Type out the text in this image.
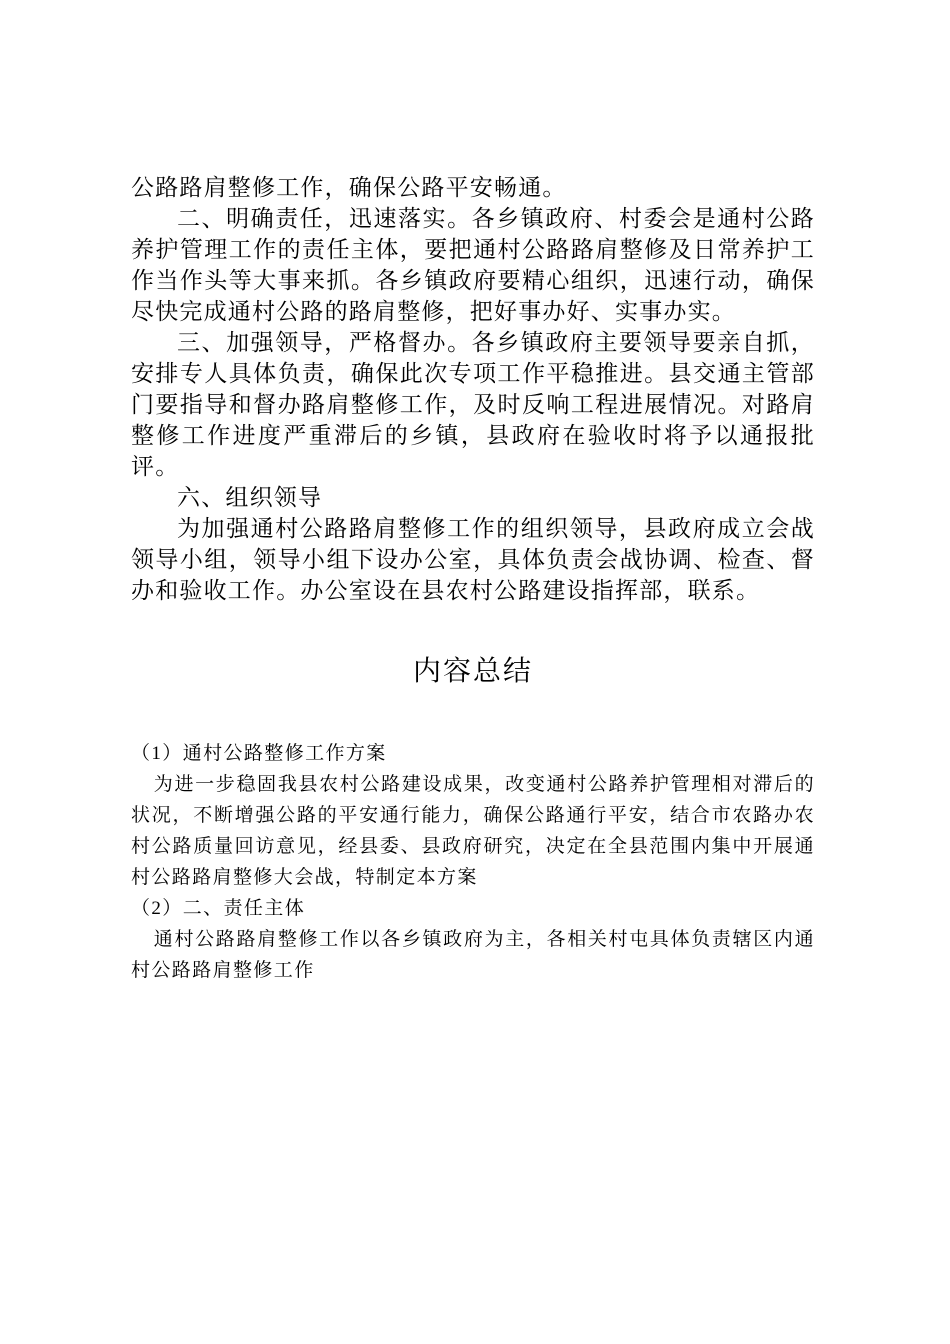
公路路肩整修工作，确保公路平安畅通。

二、明确责任，迅速落实。各乡镇政府、村委会是通村公路养护管理工作的责任主体，要把通村公路路肩整修及日常养护工作当作头等大事来抓。各乡镇政府要精心组织，迅速行动，确保尽快完成通村公路的路肩整修，把好事办好、实事办实。

三、加强领导，严格督办。各乡镇政府主要领导要亲自抓，安排专人具体负责，确保此次专项工作平稳推进。县交通主管部门要指导和督办路肩整修工作，及时反响工程进展情况。对路肩整修工作进度严重滞后的乡镇，县政府在验收时将予以通报批评。

六、组织领导

为加强通村公路路肩整修工作的组织领导，县政府成立会战领导小组，领导小组下设办公室，具体负责会战协调、检查、督办和验收工作。办公室设在县农村公路建设指挥部，联系。

内容总结

（1）通村公路整修工作方案

为进一步稳固我县农村公路建设成果，改变通村公路养护管理相对滞后的状况，不断增强公路的平安通行能力，确保公路通行平安，结合市农路办农村公路质量回访意见，经县委、县政府研究，决定在全县范围内集中开展通村公路路肩整修大会战，特制定本方案

（2）二、责任主体

通村公路路肩整修工作以各乡镇政府为主，各相关村屯具体负责辖区内通村公路路肩整修工作
